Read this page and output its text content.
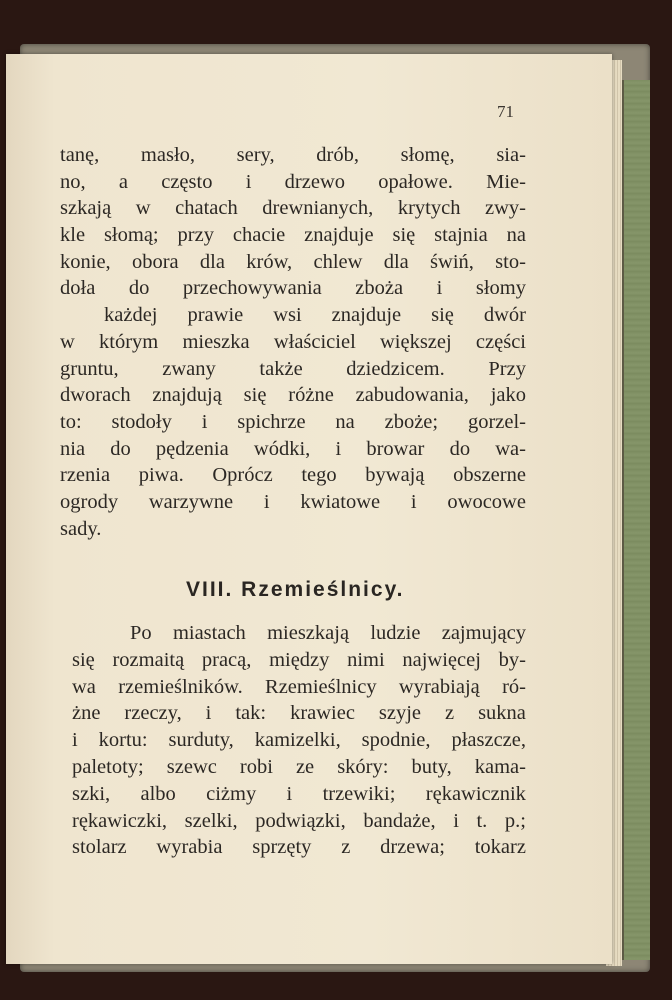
71
tanę, masło, sery, drób, słomę, sia-
no, a często i drzewo opałowe. Mie-
szkają w chatach drewnianych, krytych zwy-
kle słomą; przy chacie znajduje się stajnia na
konie, obora dla krów, chlew dla świń, sto-
doła do przechowywania zboża i słomy
każdej prawie wsi znajduje się dwór
w którym mieszka właściciel większej części
gruntu, zwany także dziedzicem. Przy
dworach znajdują się różne zabudowania, jako
to: stodoły i spichrze na zboże; gorzel-
nia do pędzenia wódki, i browar do wa-
rzenia piwa. Oprócz tego bywają obszerne
ogrody warzywne i kwiatowe i owocowe
sady.
VIII. Rzemieślnicy.
Po miastach mieszkają ludzie zajmujący
się rozmaitą pracą, między nimi najwięcej by-
wa rzemieślników. Rzemieślnicy wyrabiają ró-
żne rzeczy, i tak: krawiec szyje z sukna
i kortu: surduty, kamizelki, spodnie, płaszcze,
paletoty; szewc robi ze skóry: buty, kama-
szki, albo ciżmy i trzewiki; rękawicznik
rękawiczki, szelki, podwiązki, bandaże, i t. p.;
stolarz wyrabia sprzęty z drzewa; tokarz
